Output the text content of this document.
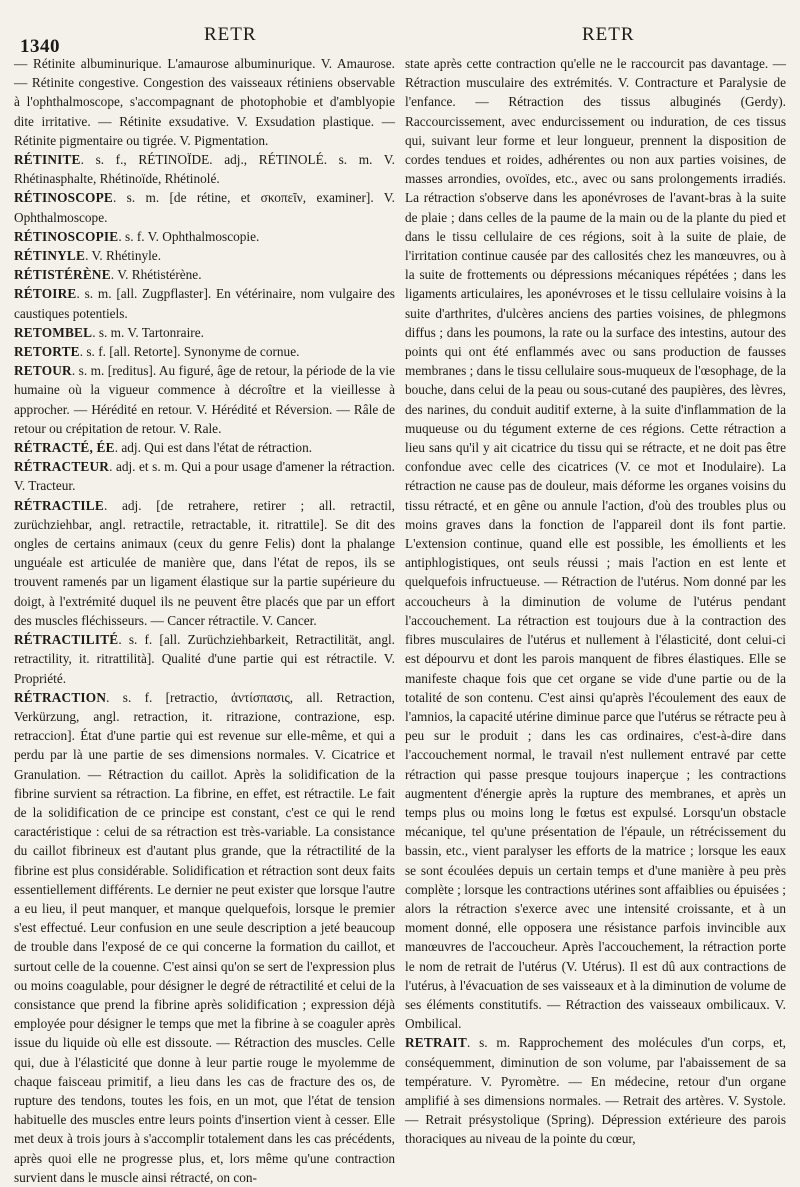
1340
RETR	RETR

— Rétinite albuminurique. L'amaurose albuminurique. V. Amaurose. — Rétinite congestive. Congestion des vaisseaux rétiniens observable à l'ophthalmoscope, s'accompagnant de photophobie et d'amblyopie dite irritative. — Rétinite exsudative. V. Exsudation plastique. — Rétinite pigmentaire ou tigrée. V. Pigmentation.

RÉTINITE. s. f., RÉTINOÏDE. adj., RÉTINOLÉ. s. m. V. Rhétinasphalte, Rhétinoïde, Rhétinolé.

RÉTINOSCOPE. s. m. [de rétine, et σκοπεῖν, examiner]. V. Ophthalmoscope.

RÉTINOSCOPIE. s. f. V. Ophthalmoscopie.

RÉTINYLE. V. Rhétinyle.

RÉTISTÉRÈNE. V. Rhétistérène.

RÉTOIRE. s. m. [all. Zugpflaster]. En vétérinaire, nom vulgaire des caustiques potentiels.

RETOMBEL. s. m. V. Tartonraire.

RETORTE. s. f. [all. Retorte]. Synonyme de cornue.

RETOUR. s. m. [reditus]. Au figuré, âge de retour, la période de la vie humaine où la vigueur commence à décroître et la vieillesse à approcher. — Hérédité en retour. V. Hérédité et Réversion. — Râle de retour ou crépitation de retour. V. Rale.

RÉTRACTÉ, ÉE. adj. Qui est dans l'état de rétraction.

RÉTRACTEUR. adj. et s. m. Qui a pour usage d'amener la rétraction. V. Tracteur.

RÉTRACTILE. adj. [de retrahere, retirer ; all. retractil, zurüchziehbar, angl. retractile, retractable, it. ritrattile]. Se dit des ongles de certains animaux (ceux du genre Felis) dont la phalange unguéale est articulée de manière que, dans l'état de repos, ils se trouvent ramenés par un ligament élastique sur la partie supérieure du doigt, à l'extrémité duquel ils ne peuvent être placés que par un effort des muscles fléchisseurs. — Cancer rétractile. V. Cancer.

RÉTRACTILITÉ. s. f. [all. Zurüchziehbarkeit, Retractilität, angl. retractility, it. ritrattilità]. Qualité d'une partie qui est rétractile. V. Propriété.

RÉTRACTION. s. f. [retractio, ἀντίσπασις, all. Retraction, Verkürzung, angl. retraction, it. ritrazione, contrazione, esp. retraccion]. État d'une partie qui est revenue sur elle-même, et qui a perdu par là une partie de ses dimensions normales. V. Cicatrice et Granulation. — Rétraction du caillot. Après la solidification de la fibrine survient sa rétraction. La fibrine, en effet, est rétractile. Le fait de la solidification de ce principe est constant, c'est ce qui le rend caractéristique : celui de sa rétraction est très-variable. La consistance du caillot fibrineux est d'autant plus grande, que la rétractilité de la fibrine est plus considérable. Solidification et rétraction sont deux faits essentiellement différents. Le dernier ne peut exister que lorsque l'autre a eu lieu, il peut manquer, et manque quelquefois, lorsque le premier s'est effectué. Leur confusion en une seule description a jeté beaucoup de trouble dans l'exposé de ce qui concerne la formation du caillot, et surtout celle de la couenne. C'est ainsi qu'on se sert de l'expression plus ou moins coagulable, pour désigner le degré de rétractilité et celui de la consistance que prend la fibrine après solidification ; expression déjà employée pour désigner le temps que met la fibrine à se coaguler après issue du liquide où elle est dissoute. — Rétraction des muscles. Celle qui, due à l'élasticité que donne à leur partie rouge le myolemme de chaque faisceau primitif, a lieu dans les cas de fracture des os, de rupture des tendons, toutes les fois, en un mot, que l'état de tension habituelle des muscles entre leurs points d'insertion vient à cesser. Elle met deux à trois jours à s'accomplir totalement dans les cas précédents, après quoi elle ne progresse plus, et, lors même qu'une contraction survient dans le muscle ainsi rétracté, on con-

state après cette contraction qu'elle ne le raccourcit pas davantage. — Rétraction musculaire des extrémités. V. Contracture et Paralysie de l'enfance. — Rétraction des tissus albuginés (Gerdy). Raccourcissement, avec endurcissement ou induration, de ces tissus qui, suivant leur forme et leur longueur, prennent la disposition de cordes tendues et roides, adhérentes ou non aux parties voisines, de masses arrondies, ovoïdes, etc., avec ou sans prolongements irradiés. La rétraction s'observe dans les aponévroses de l'avant-bras à la suite de plaie ; dans celles de la paume de la main ou de la plante du pied et dans le tissu cellulaire de ces régions, soit à la suite de plaie, de l'irritation continue causée par des callosités chez les manœuvres, ou à la suite de frottements ou dépressions mécaniques répétées ; dans les ligaments articulaires, les aponévroses et le tissu cellulaire voisins à la suite d'arthrites, d'ulcères anciens des parties voisines, de phlegmons diffus ; dans les poumons, la rate ou la surface des intestins, autour des points qui ont été enflammés avec ou sans production de fausses membranes ; dans le tissu cellulaire sous-muqueux de l'œsophage, de la bouche, dans celui de la peau ou sous-cutané des paupières, des lèvres, des narines, du conduit auditif externe, à la suite d'inflammation de la muqueuse ou du tégument externe de ces régions. Cette rétraction a lieu sans qu'il y ait cicatrice du tissu qui se rétracte, et ne doit pas être confondue avec celle des cicatrices (V. ce mot et Inodulaire). La rétraction ne cause pas de douleur, mais déforme les organes voisins du tissu rétracté, et en gêne ou annule l'action, d'où des troubles plus ou moins graves dans la fonction de l'appareil dont ils font partie. L'extension continue, quand elle est possible, les émollients et les antiphlogistiques, ont seuls réussi ; mais l'action en est lente et quelquefois infructueuse. — Rétraction de l'utérus. Nom donné par les accoucheurs à la diminution de volume de l'utérus pendant l'accouchement. La rétraction est toujours due à la contraction des fibres musculaires de l'utérus et nullement à l'élasticité, dont celui-ci est dépourvu et dont les parois manquent de fibres élastiques. Elle se manifeste chaque fois que cet organe se vide d'une partie ou de la totalité de son contenu. C'est ainsi qu'après l'écoulement des eaux de l'amnios, la capacité utérine diminue parce que l'utérus se rétracte peu à peu sur le produit ; dans les cas ordinaires, c'est-à-dire dans l'accouchement normal, le travail n'est nullement entravé par cette rétraction qui passe presque toujours inaperçue ; les contractions augmentent d'énergie après la rupture des membranes, et après un temps plus ou moins long le fœtus est expulsé. Lorsqu'un obstacle mécanique, tel qu'une présentation de l'épaule, un rétrécissement du bassin, etc., vient paralyser les efforts de la matrice ; lorsque les eaux se sont écoulées depuis un certain temps et d'une manière à peu près complète ; lorsque les contractions utérines sont affaiblies ou épuisées ; alors la rétraction s'exerce avec une intensité croissante, et à un moment donné, elle opposera une résistance parfois invincible aux manœuvres de l'accoucheur. Après l'accouchement, la rétraction porte le nom de retrait de l'utérus (V. Utérus). Il est dû aux contractions de l'utérus, à l'évacuation de ses vaisseaux et à la diminution de volume de ses éléments constitutifs. — Rétraction des vaisseaux ombilicaux. V. Ombilical.

RETRAIT. s. m. Rapprochement des molécules d'un corps, et, conséquemment, diminution de son volume, par l'abaissement de sa température. V. Pyromètre. — En médecine, retour d'un organe amplifié à ses dimensions normales. — Retrait des artères. V. Systole. — Retrait présystolique (Spring). Dépression extérieure des parois thoraciques au niveau de la pointe du cœur,
